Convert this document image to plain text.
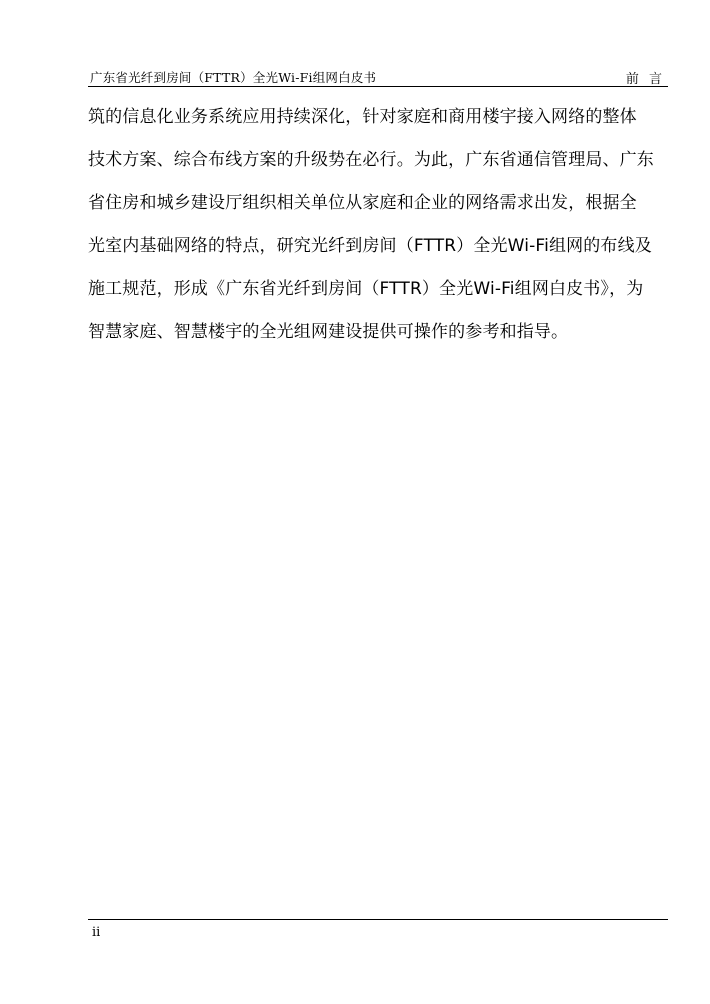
广东省光纤到房间（FTTR）全光Wi-Fi组网白皮书	前 言
筑的信息化业务系统应用持续深化，针对家庭和商用楼宇接入网络的整体
技术方案、综合布线方案的升级势在必行。为此，广东省通信管理局、广东
省住房和城乡建设厅组织相关单位从家庭和企业的网络需求出发，根据全
光室内基础网络的特点，研究光纤到房间（FTTR）全光Wi-Fi组网的布线及
施工规范，形成《广东省光纤到房间（FTTR）全光Wi-Fi组网白皮书》，为
智慧家庭、智慧楼宇的全光组网建设提供可操作的参考和指导。
ii
